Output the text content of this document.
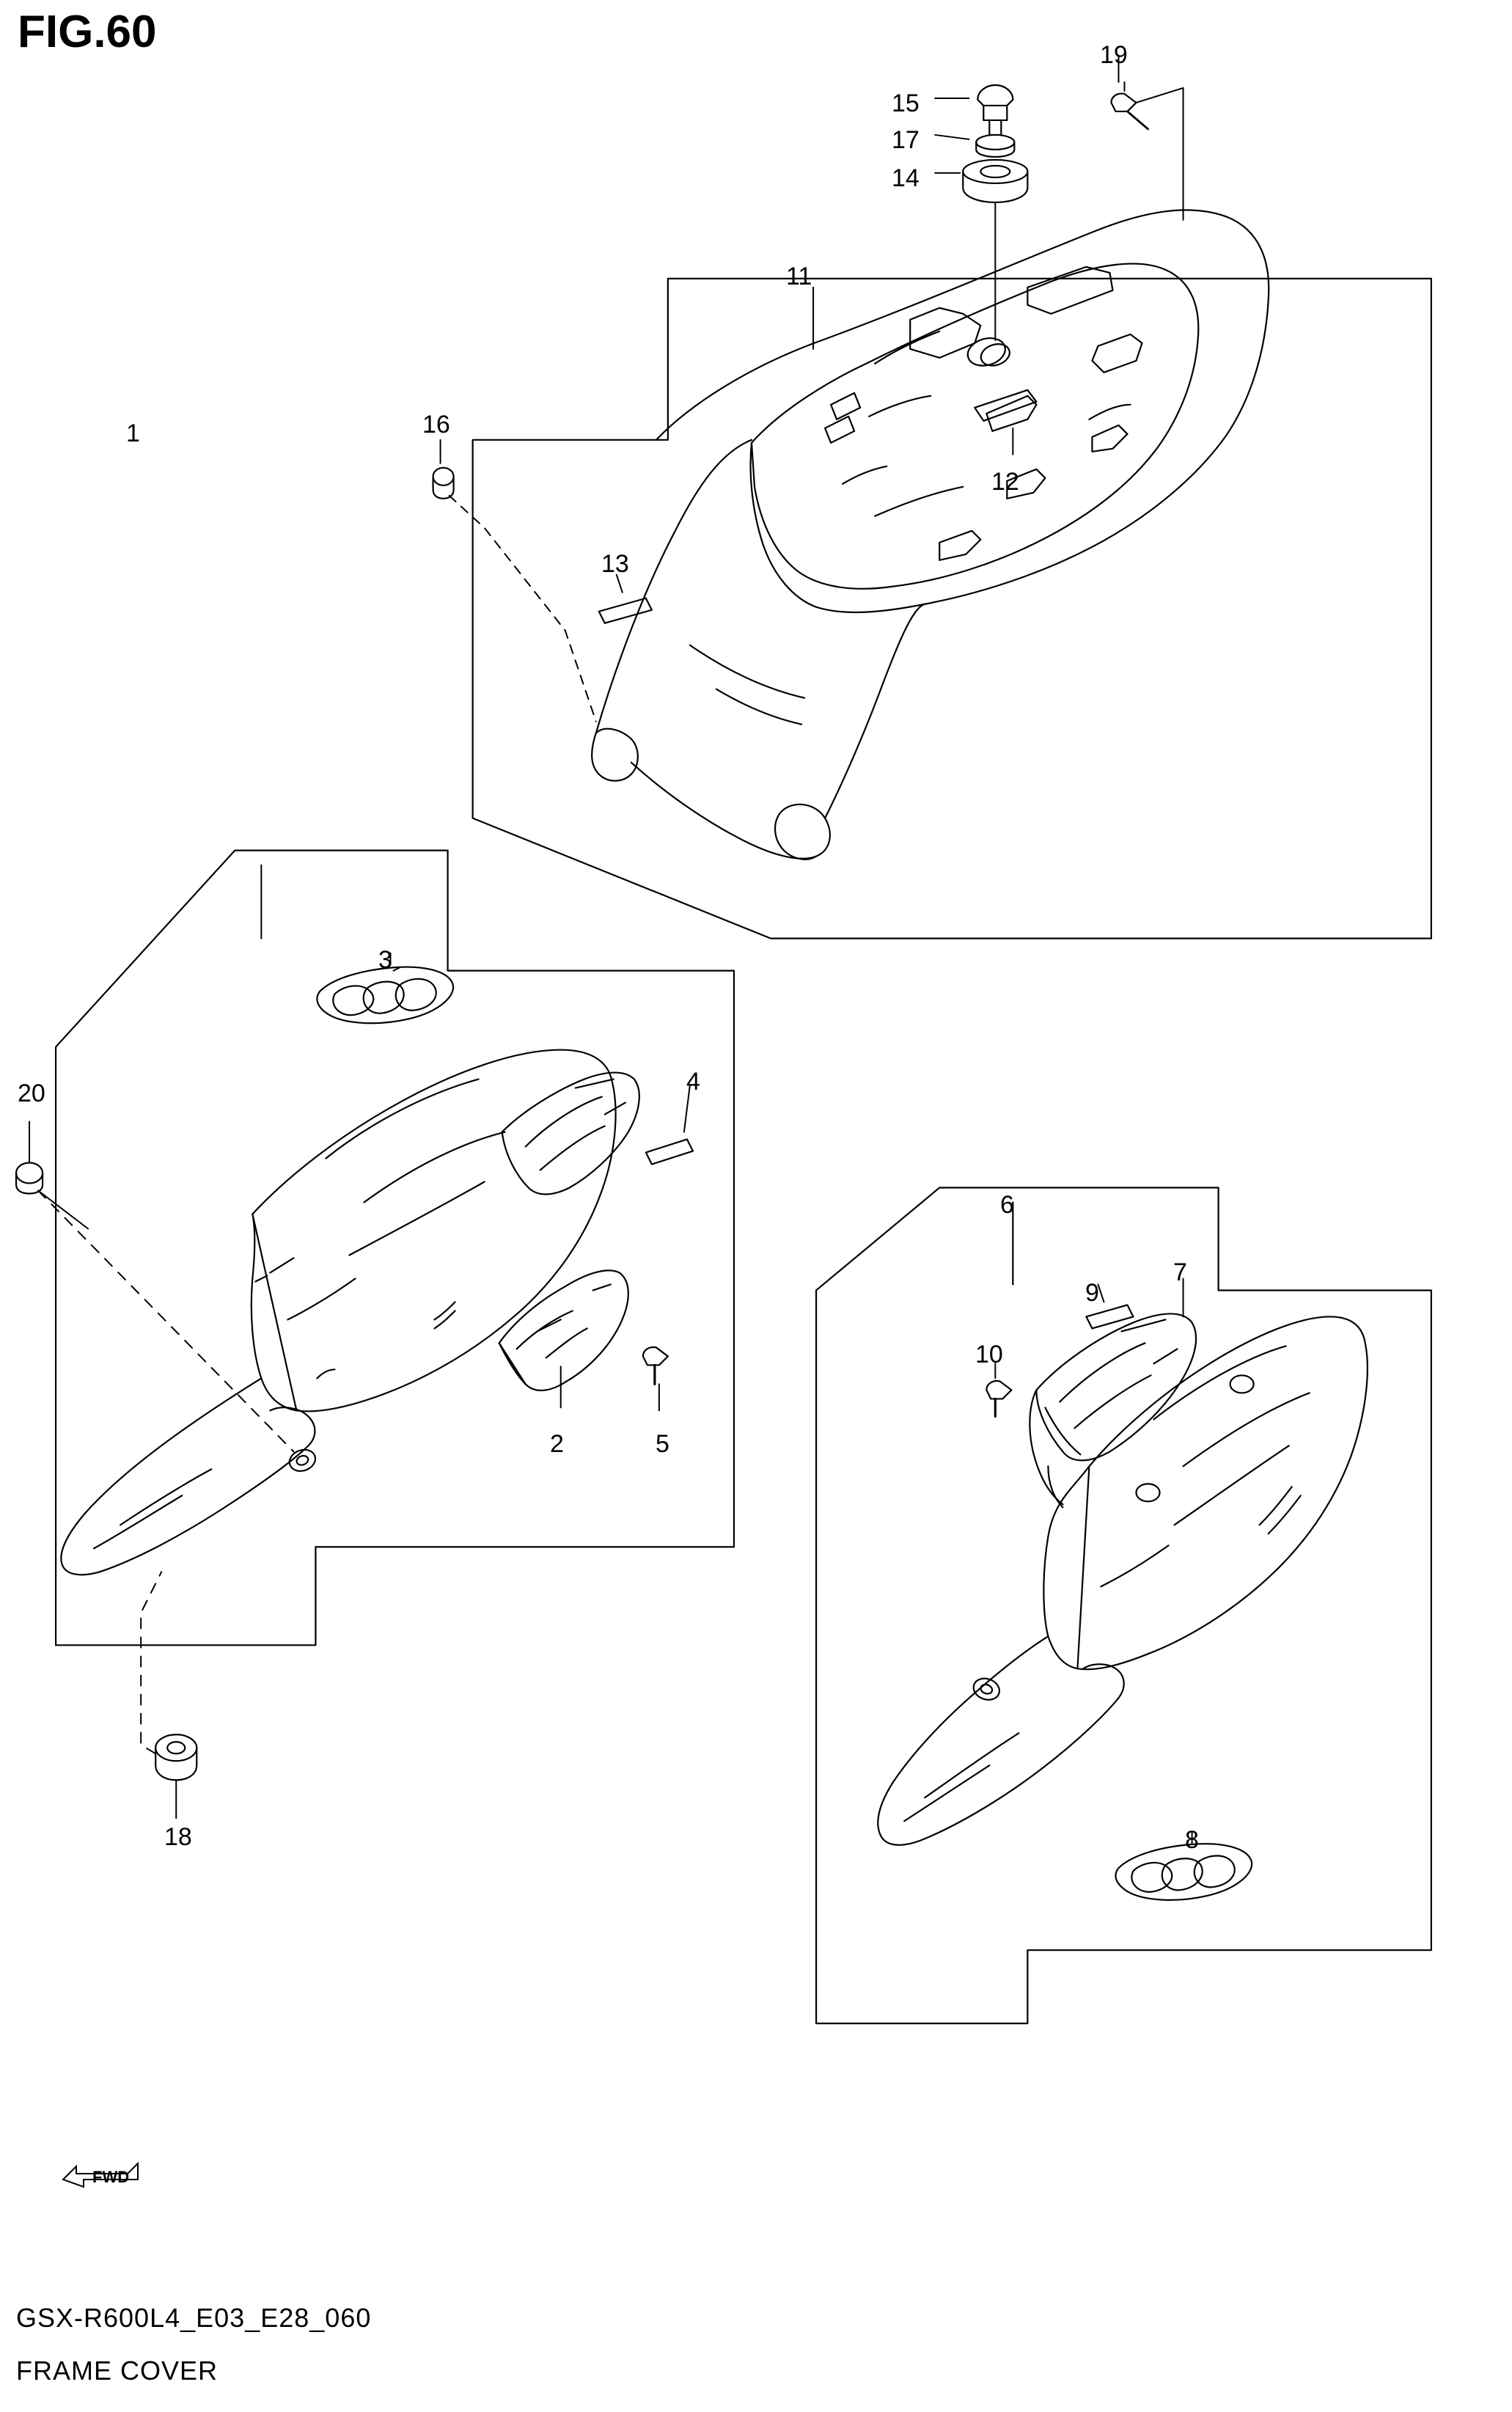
FIG.60
FWD
1
2
3
4
5
6
7
8
9
10
11
12
13
14
15
16
17
18
19
20
GSX-R600L4_E03_E28_060
FRAME COVER
